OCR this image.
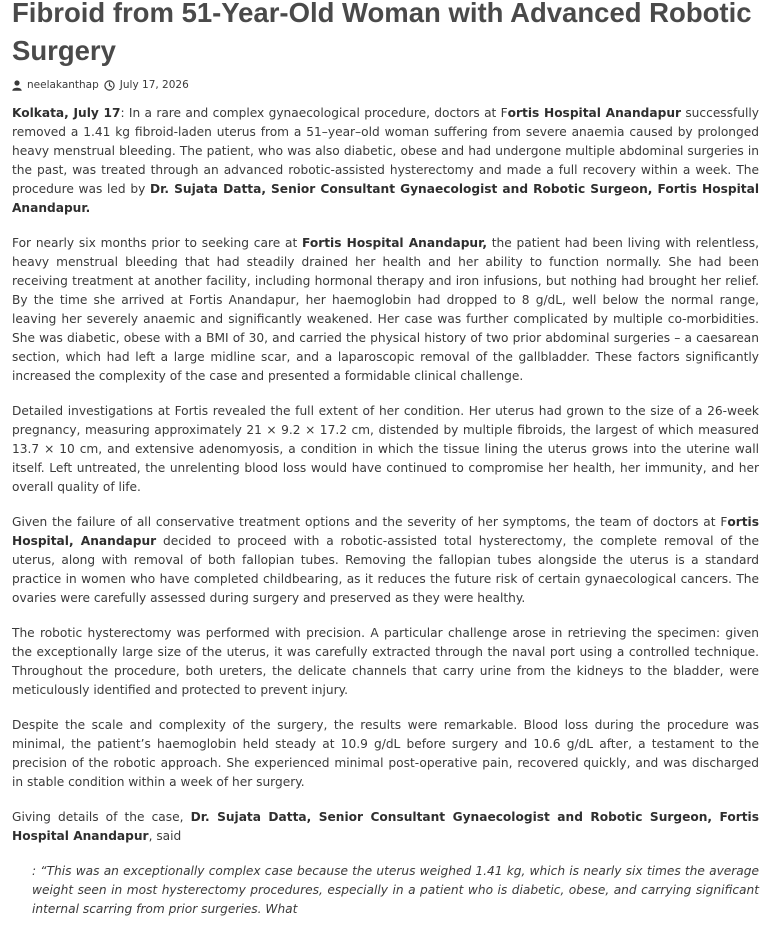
Fibroid from 51-Year-Old Woman with Advanced Robotic Surgery
neelakanthap July 17, 2026

Kolkata, July 17: In a rare and complex gynaecological procedure, doctors at Fortis Hospital Anandapur successfully removed a 1.41 kg fibroid-laden uterus from a 51–year–old woman suffering from severe anaemia caused by prolonged heavy menstrual bleeding. The patient, who was also diabetic, obese and had undergone multiple abdominal surgeries in the past, was treated through an advanced robotic-assisted hysterectomy and made a full recovery within a week. The procedure was led by Dr. Sujata Datta, Senior Consultant Gynaecologist and Robotic Surgeon, Fortis Hospital Anandapur.

For nearly six months prior to seeking care at Fortis Hospital Anandapur, the patient had been living with relentless, heavy menstrual bleeding that had steadily drained her health and her ability to function normally. She had been receiving treatment at another facility, including hormonal therapy and iron infusions, but nothing had brought her relief. By the time she arrived at Fortis Anandapur, her haemoglobin had dropped to 8 g/dL, well below the normal range, leaving her severely anaemic and significantly weakened. Her case was further complicated by multiple co-morbidities. She was diabetic, obese with a BMI of 30, and carried the physical history of two prior abdominal surgeries – a caesarean section, which had left a large midline scar, and a laparoscopic removal of the gallbladder. These factors significantly increased the complexity of the case and presented a formidable clinical challenge.

Detailed investigations at Fortis revealed the full extent of her condition. Her uterus had grown to the size of a 26-week pregnancy, measuring approximately 21 × 9.2 × 17.2 cm, distended by multiple fibroids, the largest of which measured 13.7 × 10 cm, and extensive adenomyosis, a condition in which the tissue lining the uterus grows into the uterine wall itself. Left untreated, the unrelenting blood loss would have continued to compromise her health, her immunity, and her overall quality of life.

Given the failure of all conservative treatment options and the severity of her symptoms, the team of doctors at Fortis Hospital, Anandapur decided to proceed with a robotic-assisted total hysterectomy, the complete removal of the uterus, along with removal of both fallopian tubes. Removing the fallopian tubes alongside the uterus is a standard practice in women who have completed childbearing, as it reduces the future risk of certain gynaecological cancers. The ovaries were carefully assessed during surgery and preserved as they were healthy.

The robotic hysterectomy was performed with precision. A particular challenge arose in retrieving the specimen: given the exceptionally large size of the uterus, it was carefully extracted through the naval port using a controlled technique. Throughout the procedure, both ureters, the delicate channels that carry urine from the kidneys to the bladder, were meticulously identified and protected to prevent injury.

Despite the scale and complexity of the surgery, the results were remarkable. Blood loss during the procedure was minimal, the patient’s haemoglobin held steady at 10.9 g/dL before surgery and 10.6 g/dL after, a testament to the precision of the robotic approach. She experienced minimal post-operative pain, recovered quickly, and was discharged in stable condition within a week of her surgery.

Giving details of the case, Dr. Sujata Datta, Senior Consultant Gynaecologist and Robotic Surgeon, Fortis Hospital Anandapur, said

: “This was an exceptionally complex case because the uterus weighed 1.41 kg, which is nearly six times the average weight seen in most hysterectomy procedures, especially in a patient who is diabetic, obese, and carrying significant internal scarring from prior surgeries. What
